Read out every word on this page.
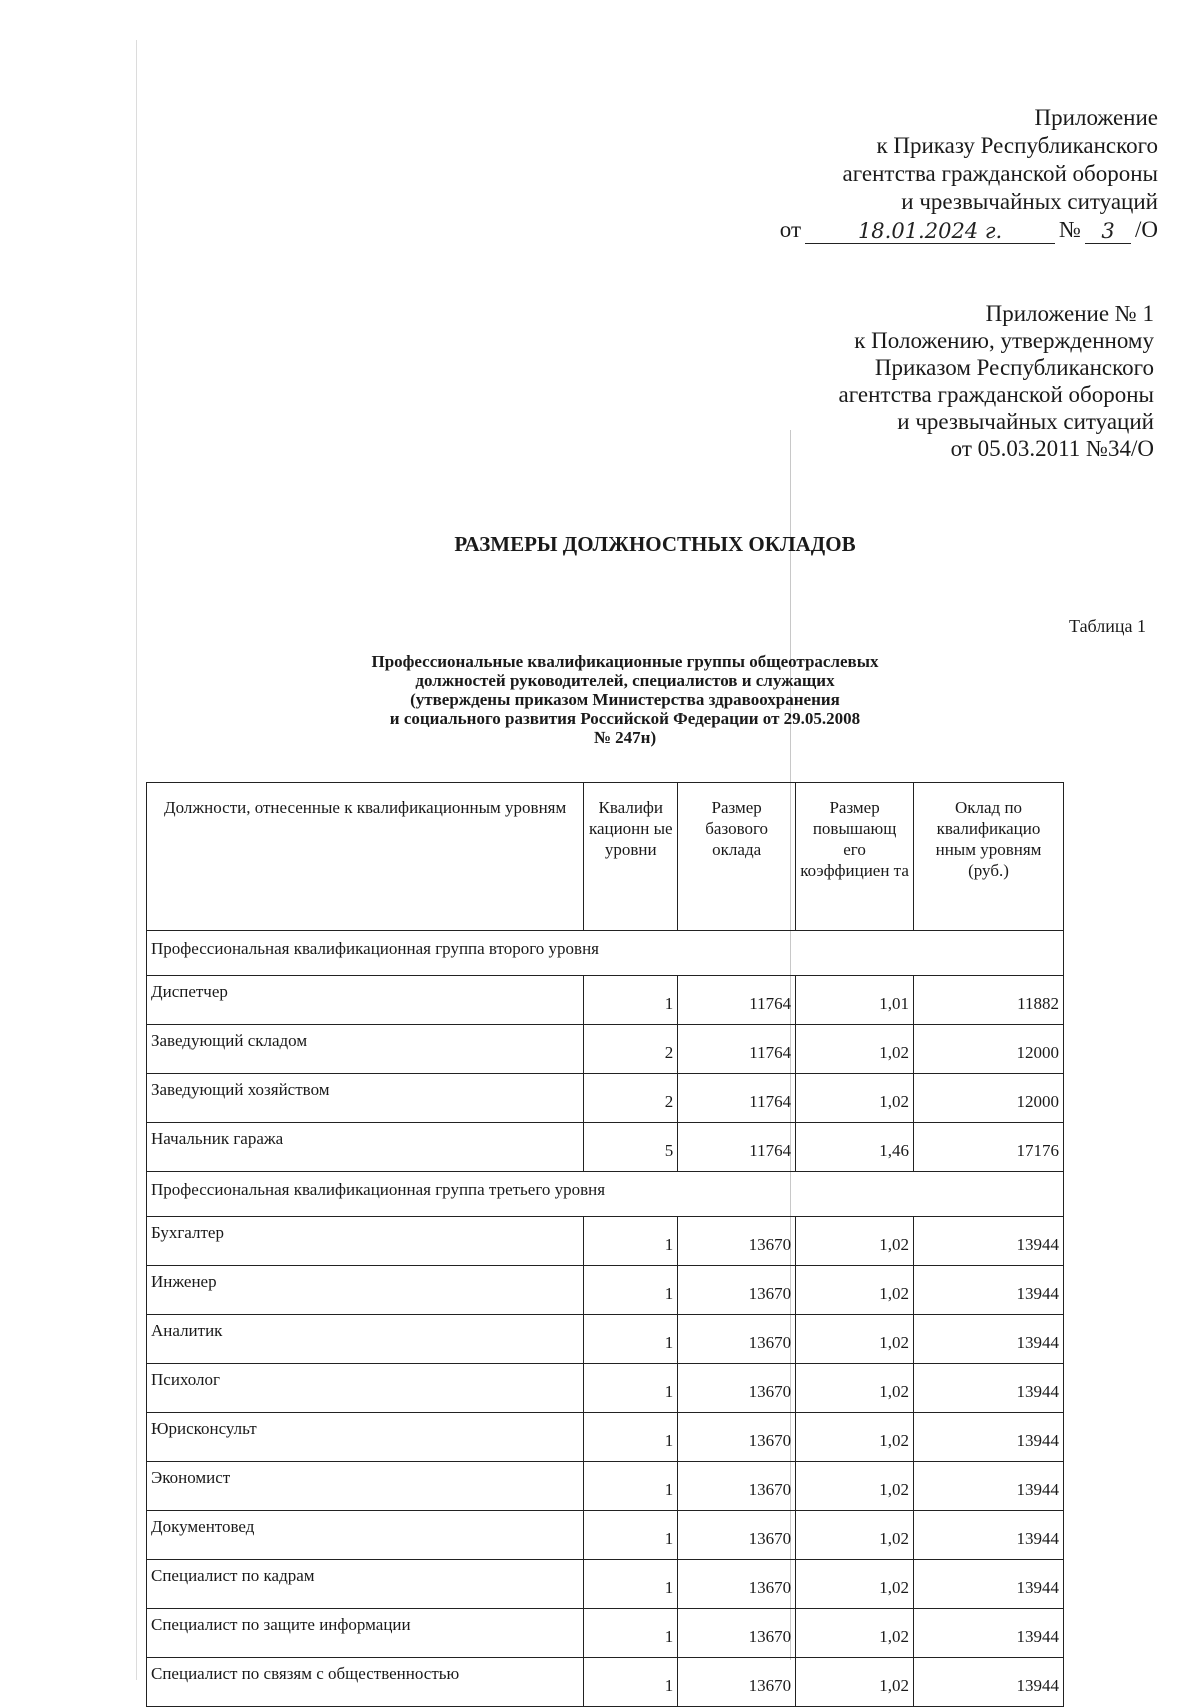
Приложение
к Приказу Республиканского
агентства гражданской обороны
и чрезвычайных ситуаций
от	18.01.2024 г.	№ 3 /О
Приложение № 1
к Положению, утвержденному
Приказом Республиканского
агентства гражданской обороны
и чрезвычайных ситуаций
от 05.03.2011 №34/О
РАЗМЕРЫ ДОЛЖНОСТНЫХ ОКЛАДОВ
Таблица 1
Профессиональные квалификационные группы общеотраслевых
должностей руководителей, специалистов и служащих
(утверждены приказом Министерства здравоохранения
и социального развития Российской Федерации от 29.05.2008
№ 247н)
Должности, отнесенные к квалификационным уровням	Квалифи кационн ые уровни	Размер базового оклада	Размер повышающ его коэффициен та	Оклад по квалификацио нным уровням (руб.)
Профессиональная квалификационная группа второго уровня				
Диспетчер	1	11764	1,01	11882
Заведующий складом	2	11764	1,02	12000
Заведующий хозяйством	2	11764	1,02	12000
Начальник гаража	5	11764	1,46	17176
Профессиональная квалификационная группа третьего уровня				
Бухгалтер	1	13670	1,02	13944
Инженер	1	13670	1,02	13944
Аналитик	1	13670	1,02	13944
Психолог	1	13670	1,02	13944
Юрисконсульт	1	13670	1,02	13944
Экономист	1	13670	1,02	13944
Документовед	1	13670	1,02	13944
Специалист по кадрам	1	13670	1,02	13944
Специалист по защите информации	1	13670	1,02	13944
Специалист по связям с общественностью	1	13670	1,02	13944
